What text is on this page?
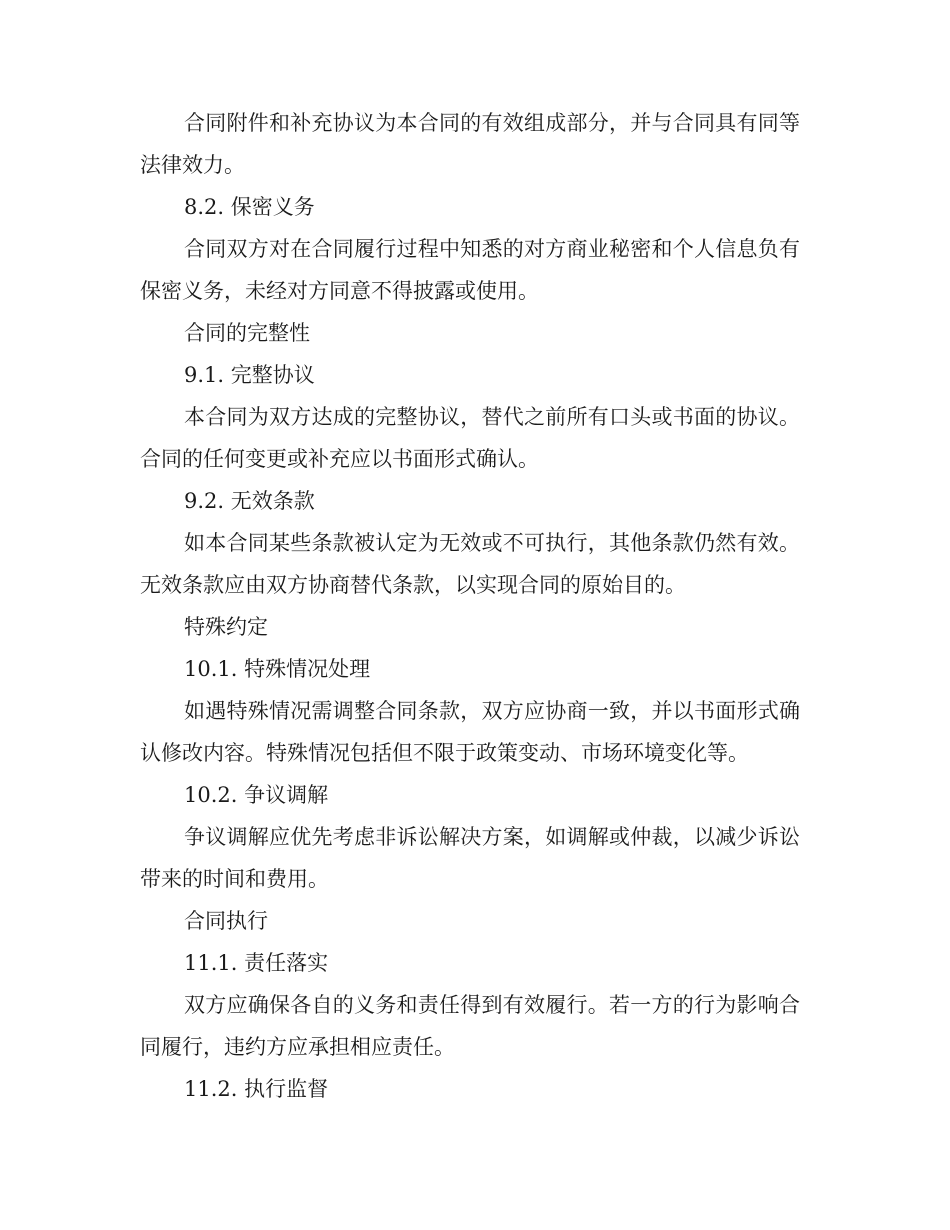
合同附件和补充协议为本合同的有效组成部分，并与合同具有同等法律效力。

8.2. 保密义务

合同双方对在合同履行过程中知悉的对方商业秘密和个人信息负有保密义务，未经对方同意不得披露或使用。

合同的完整性

9.1. 完整协议

本合同为双方达成的完整协议，替代之前所有口头或书面的协议。合同的任何变更或补充应以书面形式确认。

9.2. 无效条款

如本合同某些条款被认定为无效或不可执行，其他条款仍然有效。无效条款应由双方协商替代条款，以实现合同的原始目的。

特殊约定

10.1. 特殊情况处理

如遇特殊情况需调整合同条款，双方应协商一致，并以书面形式确认修改内容。特殊情况包括但不限于政策变动、市场环境变化等。

10.2. 争议调解

争议调解应优先考虑非诉讼解决方案，如调解或仲裁，以减少诉讼带来的时间和费用。

合同执行

11.1. 责任落实

双方应确保各自的义务和责任得到有效履行。若一方的行为影响合同履行，违约方应承担相应责任。

11.2. 执行监督
